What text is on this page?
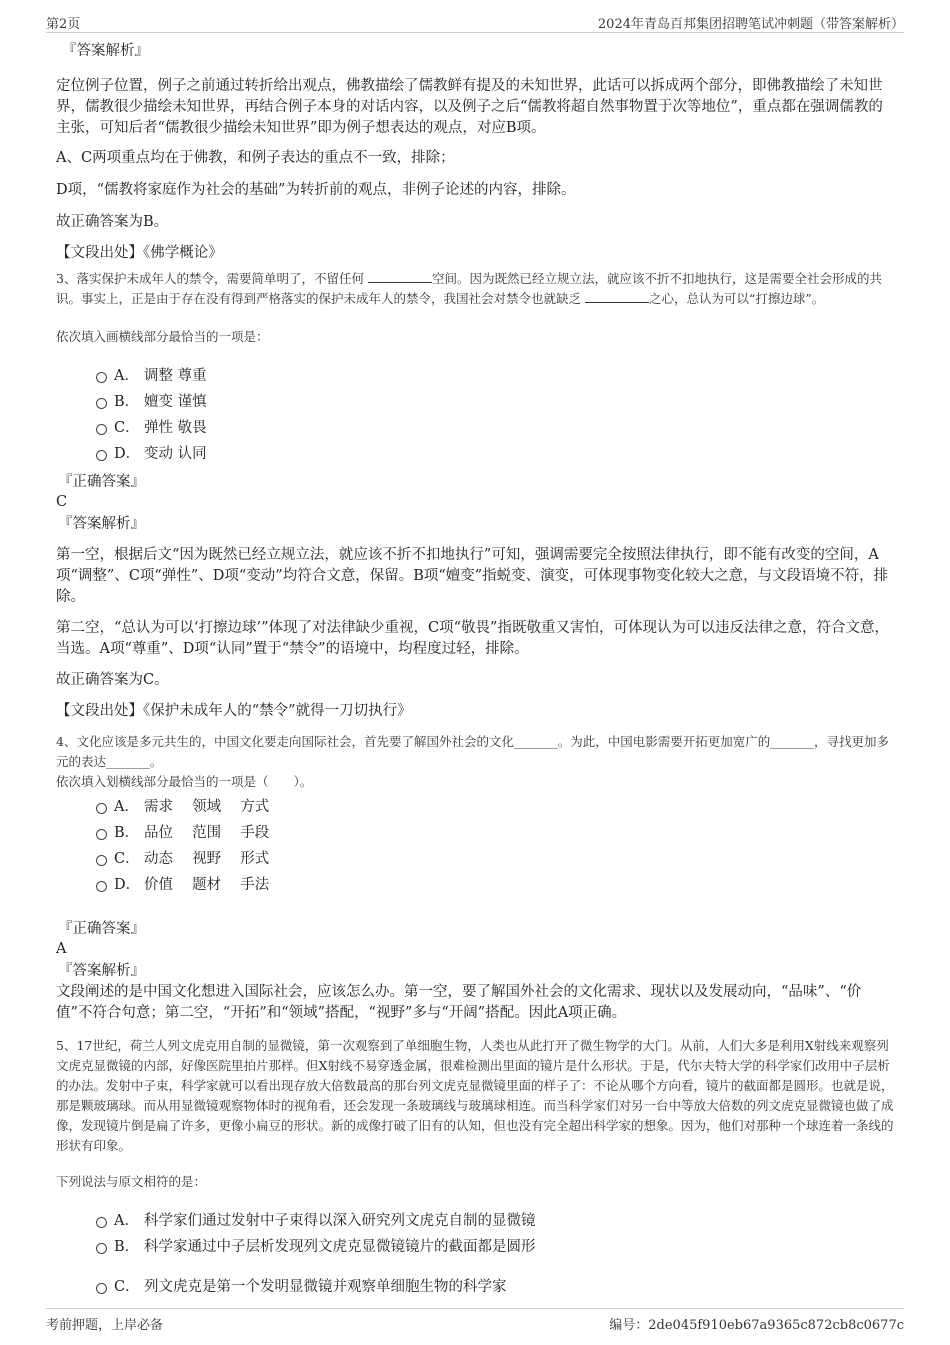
第2页	2024年青岛百邦集团招聘笔试冲刺题（带答案解析）

『答案解析』

定位例子位置，例子之前通过转折给出观点，佛教描绘了儒教鲜有提及的未知世界，此话可以拆成两个部分，即佛教描绘了未知世界，儒教很少描绘未知世界，再结合例子本身的对话内容，以及例子之后“儒教将超自然事物置于次等地位”，重点都在强调儒教的主张，可知后者“儒教很少描绘未知世界”即为例子想表达的观点，对应B项。

A、C两项重点均在于佛教，和例子表达的重点不一致，排除；

D项，“儒教将家庭作为社会的基础”为转折前的观点，非例子论述的内容，排除。

故正确答案为B。

【文段出处】《佛学概论》

3、落实保护未成年人的禁令，需要简单明了，不留任何	空间。因为既然已经立规立法，就应该不折不扣地执行，这是需要全社会形成的共识。事实上，正是由于存在没有得到严格落实的保护未成年人的禁令，我国社会对禁令也就缺乏	之心，总认为可以“打擦边球”。

依次填入画横线部分最恰当的一项是：

A． 调整 尊重
B． 嬗变 谨慎
C． 弹性 敬畏
D． 变动 认同

『正确答案』

C

『答案解析』

第一空，根据后文“因为既然已经立规立法，就应该不折不扣地执行”可知，强调需要完全按照法律执行，即不能有改变的空间，A项“调整”、C项“弹性”、D项“变动”均符合文意，保留。B项“嬗变”指蜕变、演变，可体现事物变化较大之意，与文段语境不符，排除。

第二空，“总认为可以‘打擦边球’”体现了对法律缺少重视，C项“敬畏”指既敬重又害怕，可体现认为可以违反法律之意，符合文意，当选。A项“尊重”、D项“认同”置于“禁令”的语境中，均程度过轻，排除。

故正确答案为C。

【文段出处】《保护未成年人的“禁令”就得一刀切执行》

4、文化应该是多元共生的，中国文化要走向国际社会，首先要了解国外社会的文化_______。为此，中国电影需要开拓更加宽广的_______，寻找更加多元的表达_______。

依次填入划横线部分最恰当的一项是（　　）。

A． 需求　 领域　 方式
B． 品位　 范围　 手段
C． 动态　 视野　 形式
D． 价值　 题材　 手法

『正确答案』

A

『答案解析』

文段阐述的是中国文化想进入国际社会，应该怎么办。第一空，要了解国外社会的文化需求、现状以及发展动向，“品味”、“价值”不符合句意；第二空，“开拓”和“领域”搭配，“视野”多与“开阔”搭配。因此A项正确。

5、17世纪，荷兰人列文虎克用自制的显微镜，第一次观察到了单细胞生物，人类也从此打开了微生物学的大门。从前，人们大多是利用X射线来观察列文虎克显微镜的内部，好像医院里拍片那样。但X射线不易穿透金属，很难检测出里面的镜片是什么形状。于是，代尔夫特大学的科学家们改用中子层析的办法。发射中子束，科学家就可以看出现存放大倍数最高的那台列文虎克显微镜里面的样子了：不论从哪个方向看，镜片的截面都是圆形。也就是说，那是颗玻璃球。而从用显微镜观察物体时的视角看，还会发现一条玻璃线与玻璃球相连。而当科学家们对另一台中等放大倍数的列文虎克显微镜也做了成像，发现镜片倒是扁了许多，更像小扁豆的形状。新的成像打破了旧有的认知，但也没有完全超出科学家的想象。因为，他们对那种一个球连着一条线的形状有印象。

下列说法与原文相符的是：

A． 科学家们通过发射中子束得以深入研究列文虎克自制的显微镜
B． 科学家通过中子层析发现列文虎克显微镜镜片的截面都是圆形
C． 列文虎克是第一个发明显微镜并观察单细胞生物的科学家
考前押题，上岸必备	编号：2de045f910eb67a9365c872cb8c0677c
